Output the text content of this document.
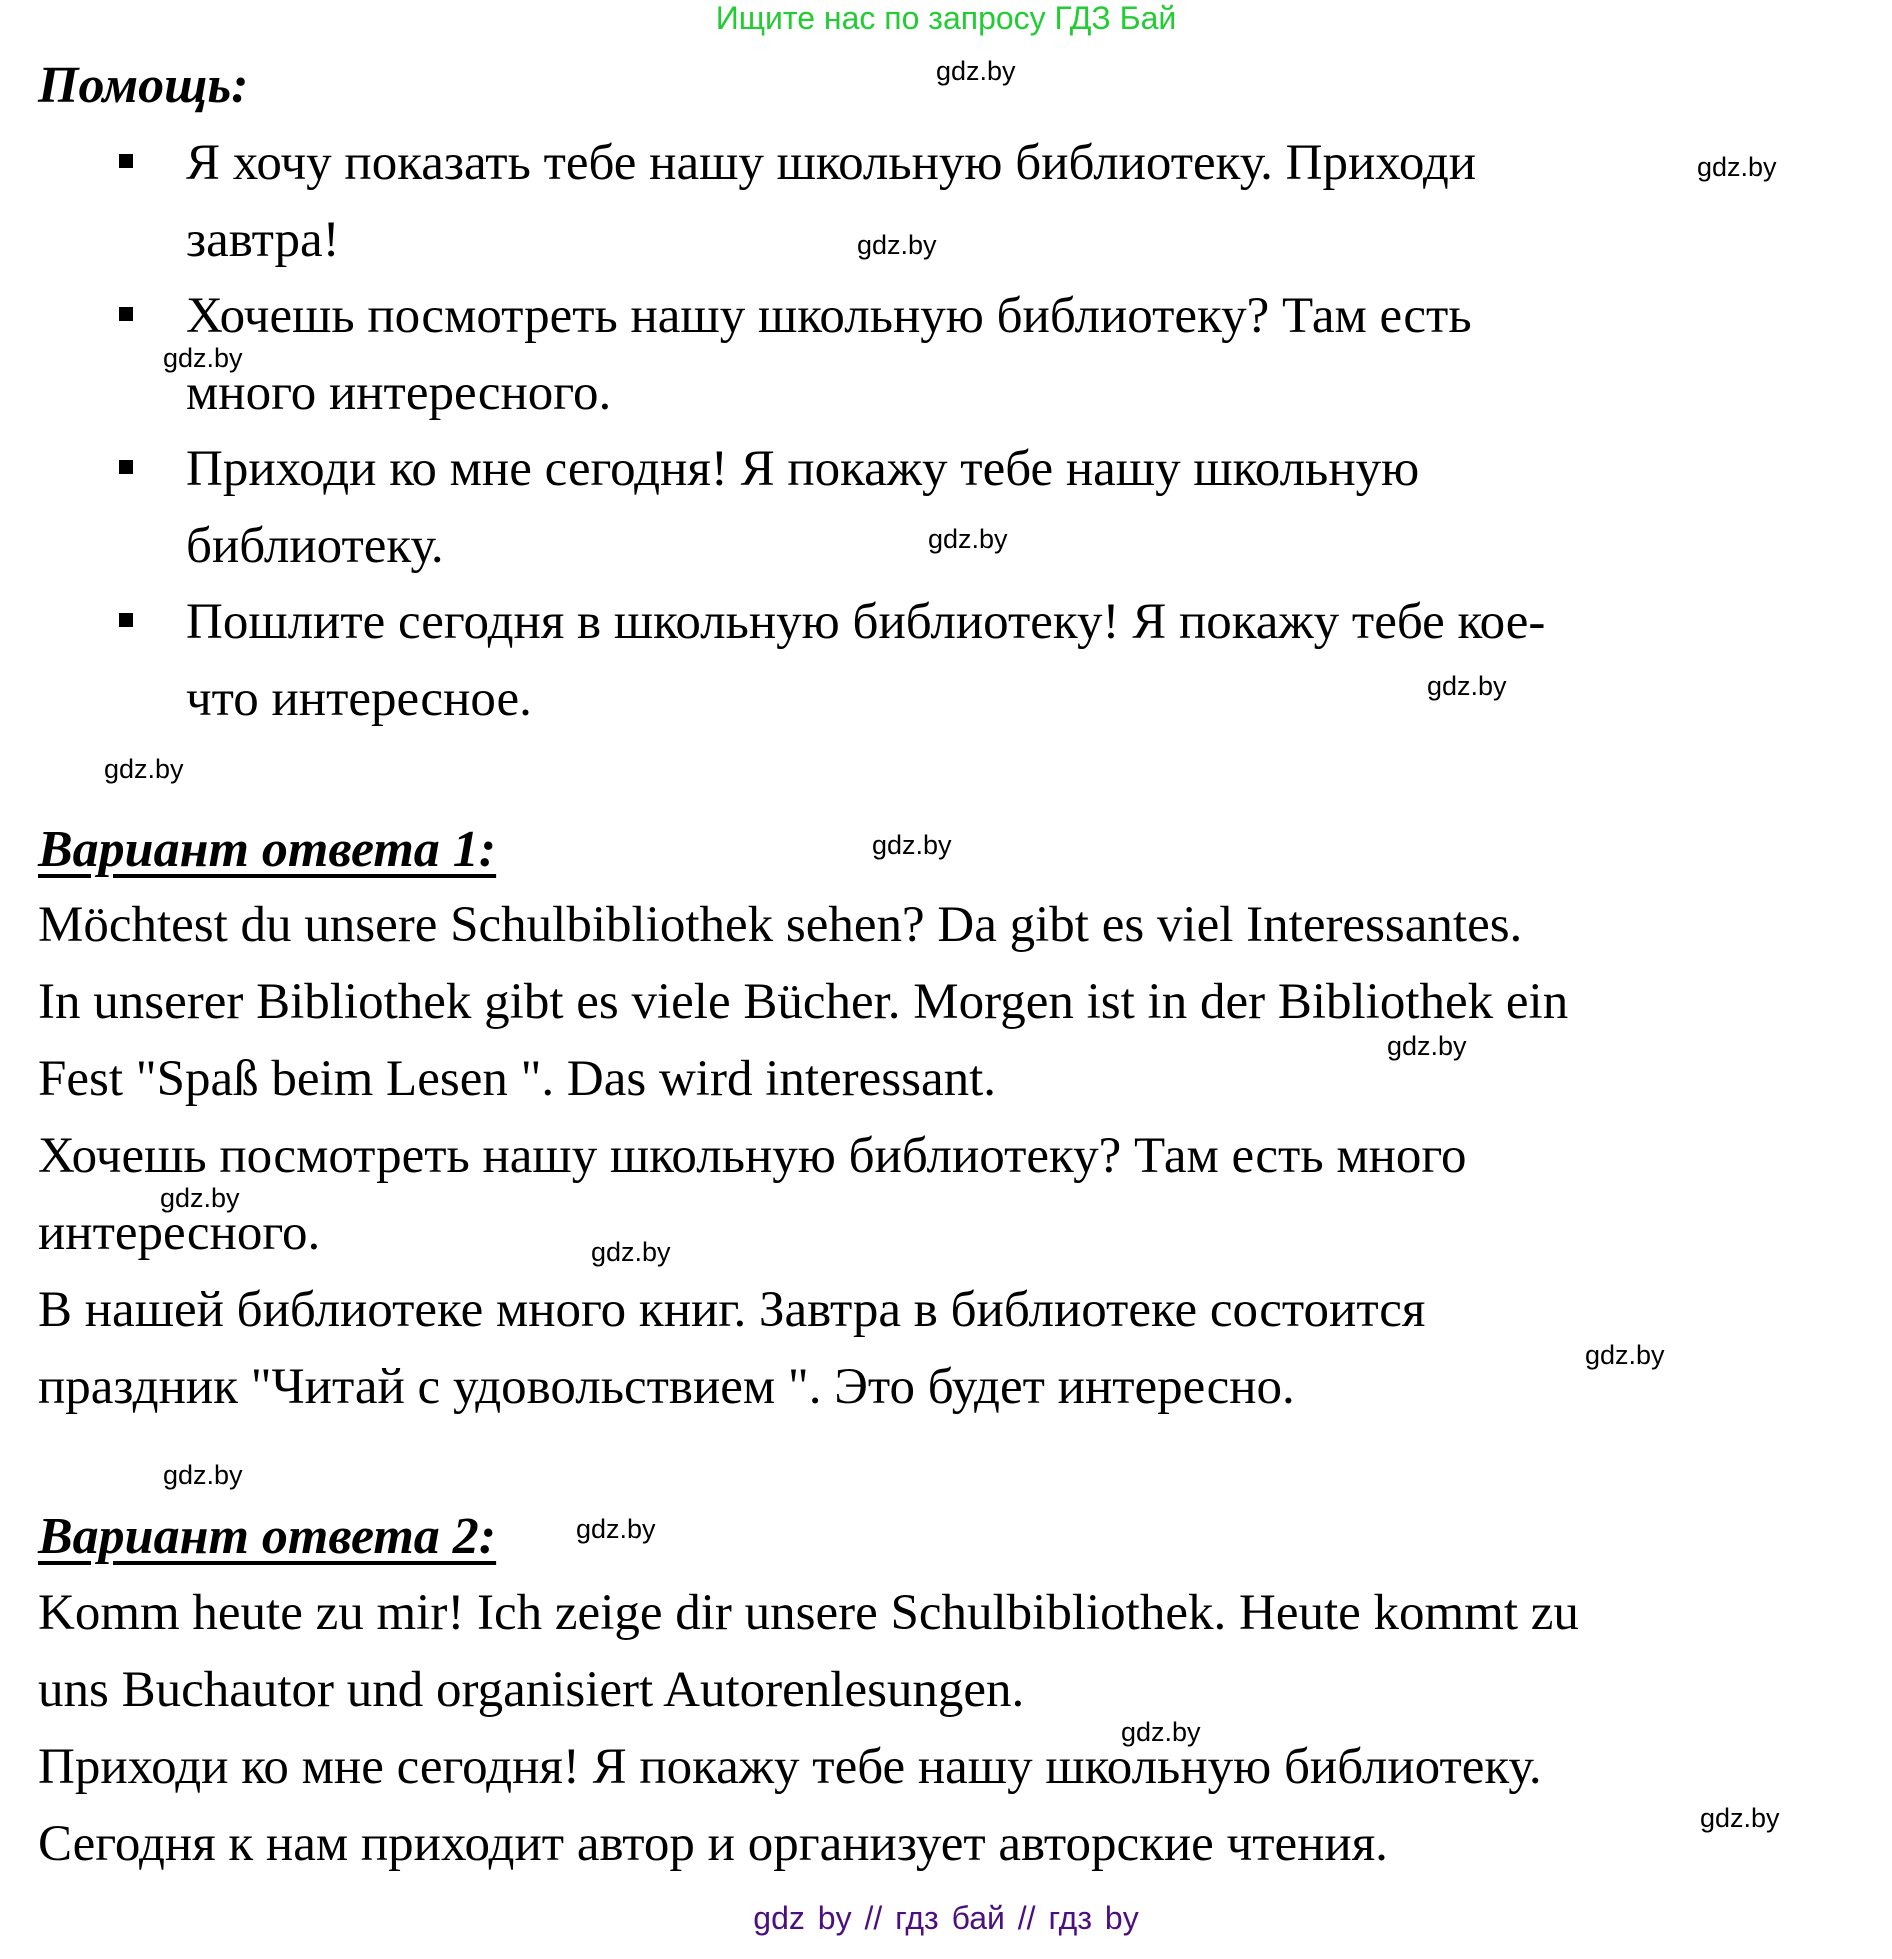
Ищите нас по запросу ГДЗ Бай
Помощь:
Я хочу показать тебе нашу школьную библиотеку. Приходи
завтра!
Хочешь посмотреть нашу школьную библиотеку? Там есть
много интересного.
Приходи ко мне сегодня! Я покажу тебе нашу школьную
библиотеку.
Пошлите сегодня в школьную библиотеку! Я покажу тебе кое-
что интересное.
Вариант ответа 1:
Möchtest du unsere Schulbibliothek sehen? Da gibt es viel Interessantes.
In unserer Bibliothek gibt es viele Bücher. Morgen ist in der Bibliothek ein
Fest "Spaß beim Lesen ". Das wird interessant.
Хочешь посмотреть нашу школьную библиотеку? Там есть много
интересного.
В нашей библиотеке много книг. Завтра в библиотеке состоится
праздник "Читай с удовольствием ". Это будет интересно.
Вариант ответа 2:
Komm heute zu mir! Ich zeige dir unsere Schulbibliothek. Heute kommt zu
uns Buchautor und organisiert Autorenlesungen.
Приходи ко мне сегодня! Я покажу тебе нашу школьную библиотеку.
Сегодня к нам приходит автор и организует авторские чтения.
gdz.by
gdz.by
gdz.by
gdz.by
gdz.by
gdz.by
gdz.by
gdz.by
gdz.by
gdz.by
gdz.by
gdz.by
gdz.by
gdz.by
gdz.by
gdz.by
gdz by // гдз бай // гдз by
